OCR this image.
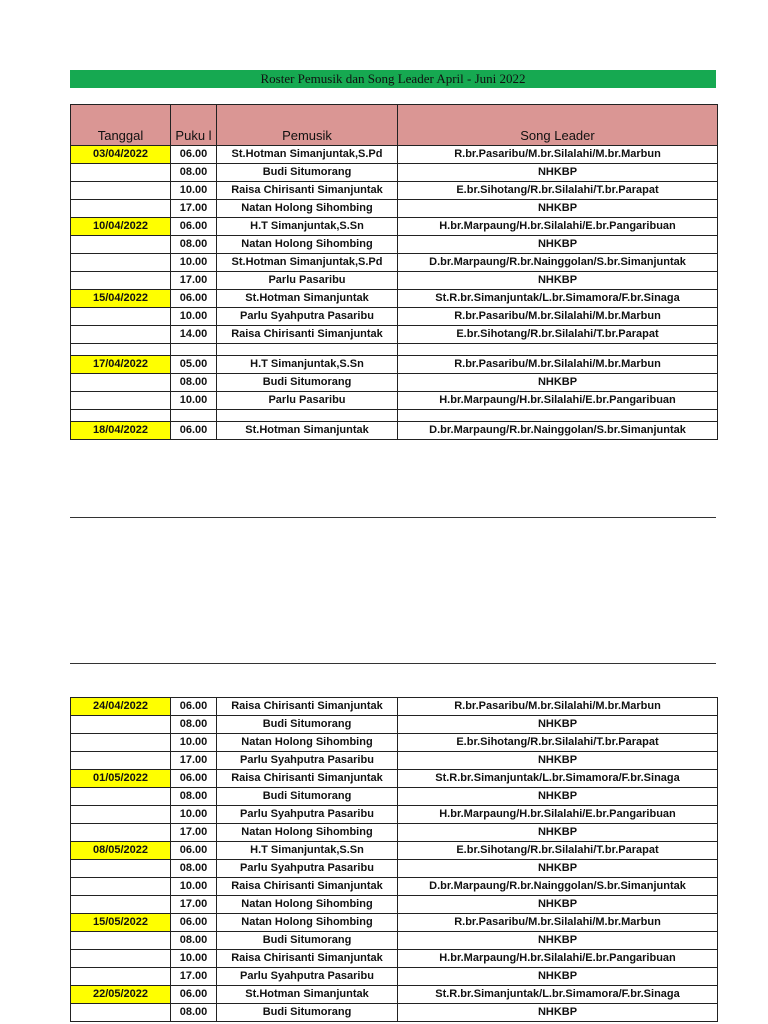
Roster Pemusik dan Song Leader April - Juni 2022
Tanggal	Puku l	Pemusik	Song Leader
03/04/2022	06.00	St.Hotman Simanjuntak,S.Pd	R.br.Pasaribu/M.br.Silalahi/M.br.Marbun
	08.00	Budi Situmorang	NHKBP
	10.00	Raisa Chirisanti Simanjuntak	E.br.Sihotang/R.br.Silalahi/T.br.Parapat
	17.00	Natan Holong Sihombing	NHKBP
10/04/2022	06.00	H.T Simanjuntak,S.Sn	H.br.Marpaung/H.br.Silalahi/E.br.Pangaribuan
	08.00	Natan Holong Sihombing	NHKBP
	10.00	St.Hotman Simanjuntak,S.Pd	D.br.Marpaung/R.br.Nainggolan/S.br.Simanjuntak
	17.00	Parlu Pasaribu	NHKBP
15/04/2022	06.00	St.Hotman Simanjuntak	St.R.br.Simanjuntak/L.br.Simamora/F.br.Sinaga
	10.00	Parlu Syahputra Pasaribu	R.br.Pasaribu/M.br.Silalahi/M.br.Marbun
	14.00	Raisa Chirisanti Simanjuntak	E.br.Sihotang/R.br.Silalahi/T.br.Parapat

17/04/2022	05.00	H.T Simanjuntak,S.Sn	R.br.Pasaribu/M.br.Silalahi/M.br.Marbun
	08.00	Budi Situmorang	NHKBP
	10.00	Parlu Pasaribu	H.br.Marpaung/H.br.Silalahi/E.br.Pangaribuan

18/04/2022	06.00	St.Hotman Simanjuntak	D.br.Marpaung/R.br.Nainggolan/S.br.Simanjuntak
24/04/2022	06.00	Raisa Chirisanti Simanjuntak	R.br.Pasaribu/M.br.Silalahi/M.br.Marbun
	08.00	Budi Situmorang	NHKBP
	10.00	Natan Holong Sihombing	E.br.Sihotang/R.br.Silalahi/T.br.Parapat
	17.00	Parlu Syahputra Pasaribu	NHKBP
01/05/2022	06.00	Raisa Chirisanti Simanjuntak	St.R.br.Simanjuntak/L.br.Simamora/F.br.Sinaga
	08.00	Budi Situmorang	NHKBP
	10.00	Parlu Syahputra Pasaribu	H.br.Marpaung/H.br.Silalahi/E.br.Pangaribuan
	17.00	Natan Holong Sihombing	NHKBP
08/05/2022	06.00	H.T Simanjuntak,S.Sn	E.br.Sihotang/R.br.Silalahi/T.br.Parapat
	08.00	Parlu Syahputra Pasaribu	NHKBP
	10.00	Raisa Chirisanti Simanjuntak	D.br.Marpaung/R.br.Nainggolan/S.br.Simanjuntak
	17.00	Natan Holong Sihombing	NHKBP
15/05/2022	06.00	Natan Holong Sihombing	R.br.Pasaribu/M.br.Silalahi/M.br.Marbun
	08.00	Budi Situmorang	NHKBP
	10.00	Raisa Chirisanti Simanjuntak	H.br.Marpaung/H.br.Silalahi/E.br.Pangaribuan
	17.00	Parlu Syahputra Pasaribu	NHKBP
22/05/2022	06.00	St.Hotman Simanjuntak	St.R.br.Simanjuntak/L.br.Simamora/F.br.Sinaga
	08.00	Budi Situmorang	NHKBP
